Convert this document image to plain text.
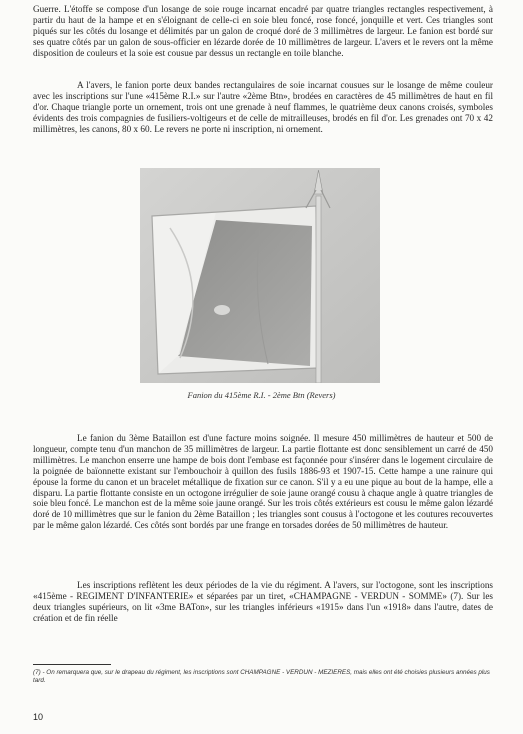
Guerre. L'étoffe se compose d'un losange de soie rouge incarnat encadré par quatre triangles rectangles respectivement, à partir du haut de la hampe et en s'éloignant de celle-ci en soie bleu foncé, rose foncé, jonquille et vert. Ces triangles sont piqués sur les côtés du losange et délimités par un galon de croqué doré de 3 millimètres de largeur. Le fanion est bordé sur ses quatre côtés par un galon de sous-officier en lézarde dorée de 10 millimètres de largeur. L'avers et le revers ont la même disposition de couleurs et la soie est cousue par dessus un rectangle en toile blanche.

A l'avers, le fanion porte deux bandes rectangulaires de soie incarnat cousues sur le losange de même couleur avec les inscriptions sur l'une «415ème R.I.» sur l'autre «2ème Btn», brodées en caractères de 45 millimètres de haut en fil d'or. Chaque triangle porte un ornement, trois ont une grenade à neuf flammes, le quatrième deux canons croisés, symboles évidents des trois compagnies de fusiliers-voltigeurs et de celle de mitrailleuses, brodés en fil d'or. Les grenades ont 70 x 42 millimètres, les canons, 80 x 60. Le revers ne porte ni inscription, ni ornement.

Fanion du 415ème R.I. - 2ème Btn (Revers)

Le fanion du 3ème Bataillon est d'une facture moins soignée. Il mesure 450 millimètres de hauteur et 500 de longueur, compte tenu d'un manchon de 35 millimètres de largeur. La partie flottante est donc sensiblement un carré de 450 millimètres. Le manchon enserre une hampe de bois dont l'embase est façonnée pour s'insérer dans le logement circulaire de la poignée de baïonnette existant sur l'embouchoir à quillon des fusils 1886-93 et 1907-15. Cette hampe a une rainure qui épouse la forme du canon et un bracelet métallique de fixation sur ce canon. S'il y a eu une pique au bout de la hampe, elle a disparu. La partie flottante consiste en un octogone irrégulier de soie jaune orangé cousu à chaque angle à quatre triangles de soie bleu foncé. Le manchon est de la même soie jaune orangé. Sur les trois côtés extérieurs est cousu le même galon lézardé doré de 10 millimètres que sur le fanion du 2ème Bataillon ; les triangles sont cousus à l'octogone et les coutures recouvertes par le même galon lézardé. Ces côtés sont bordés par une frange en torsades dorées de 50 millimètres de hauteur.

Les inscriptions reflètent les deux périodes de la vie du régiment. A l'avers, sur l'octogone, sont les inscriptions «415ème - REGIMENT D'INFANTERIE» et séparées par un tiret, «CHAMPAGNE - VERDUN - SOMME» (7). Sur les deux triangles supérieurs, on lit «3me BATon», sur les triangles inférieurs «1915» dans l'un «1918» dans l'autre, dates de création et de fin réelle

(7) - On remarquera que, sur le drapeau du régiment, les inscriptions sont CHAMPAGNE - VERDUN - MEZIERES, mais elles ont été choisies plusieurs années plus tard.
10
